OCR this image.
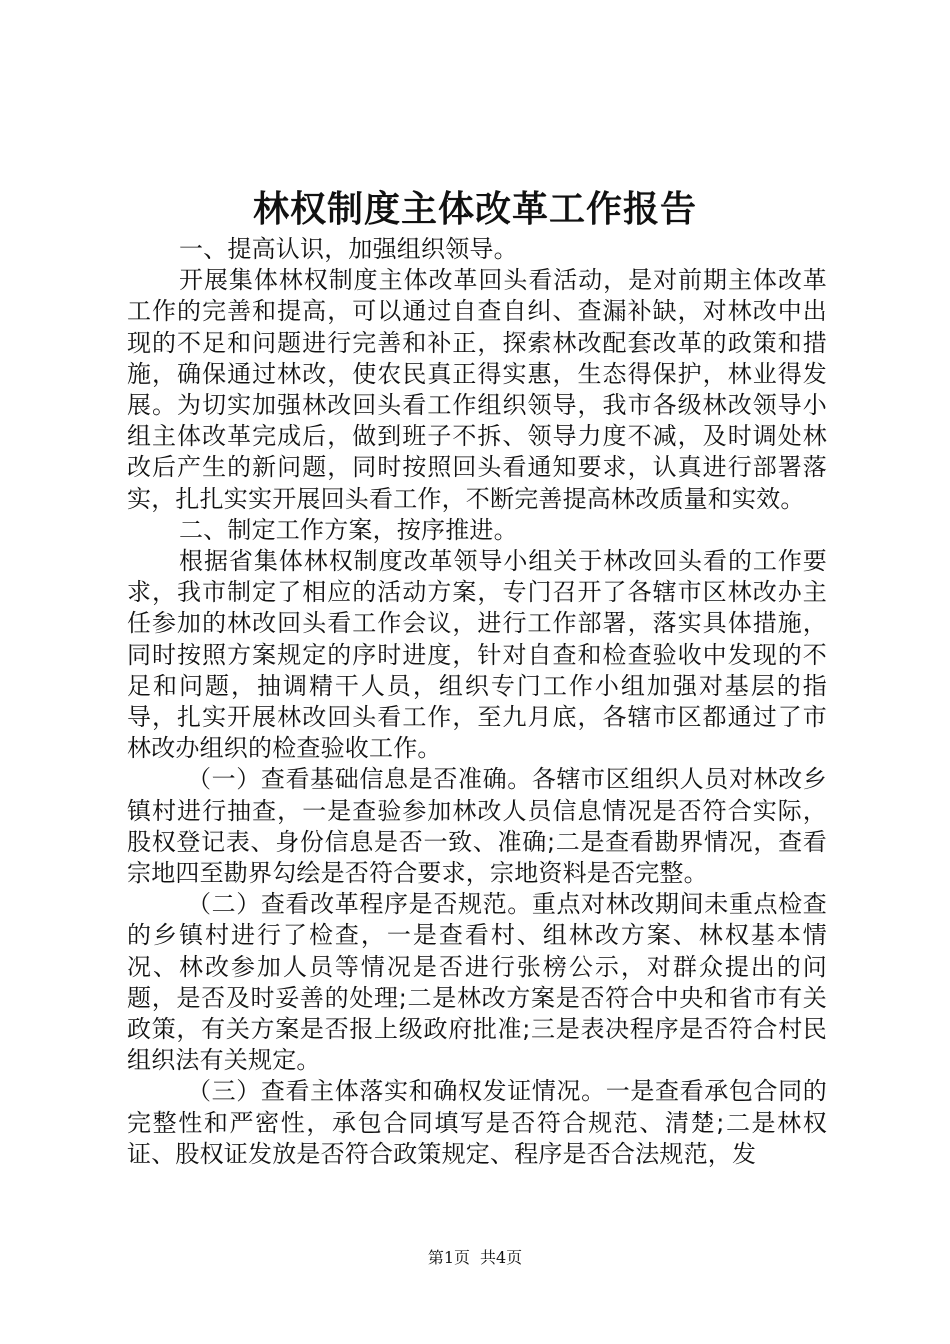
林权制度主体改革工作报告

一、提高认识，加强组织领导。

开展集体林权制度主体改革回头看活动，是对前期主体改革工作的完善和提高，可以通过自查自纠、查漏补缺，对林改中出现的不足和问题进行完善和补正，探索林改配套改革的政策和措施，确保通过林改，使农民真正得实惠，生态得保护，林业得发展。为切实加强林改回头看工作组织领导，我市各级林改领导小组主体改革完成后，做到班子不拆、领导力度不减，及时调处林改后产生的新问题，同时按照回头看通知要求，认真进行部署落实，扎扎实实开展回头看工作，不断完善提高林改质量和实效。

二、制定工作方案，按序推进。

根据省集体林权制度改革领导小组关于林改回头看的工作要求，我市制定了相应的活动方案，专门召开了各辖市区林改办主任参加的林改回头看工作会议，进行工作部署，落实具体措施，同时按照方案规定的序时进度，针对自查和检查验收中发现的不足和问题，抽调精干人员，组织专门工作小组加强对基层的指导，扎实开展林改回头看工作，至九月底，各辖市区都通过了市林改办组织的检查验收工作。

（一）查看基础信息是否准确。各辖市区组织人员对林改乡镇村进行抽查，一是查验参加林改人员信息情况是否符合实际，股权登记表、身份信息是否一致、准确;二是查看勘界情况，查看宗地四至勘界勾绘是否符合要求，宗地资料是否完整。

（二）查看改革程序是否规范。重点对林改期间未重点检查的乡镇村进行了检查，一是查看村、组林改方案、林权基本情况、林改参加人员等情况是否进行张榜公示，对群众提出的问题，是否及时妥善的处理;二是林改方案是否符合中央和省市有关政策，有关方案是否报上级政府批准;三是表决程序是否符合村民组织法有关规定。

（三）查看主体落实和确权发证情况。一是查看承包合同的完整性和严密性，承包合同填写是否符合规范、清楚;二是林权证、股权证发放是否符合政策规定、程序是否合法规范，发

第1页 共4页
